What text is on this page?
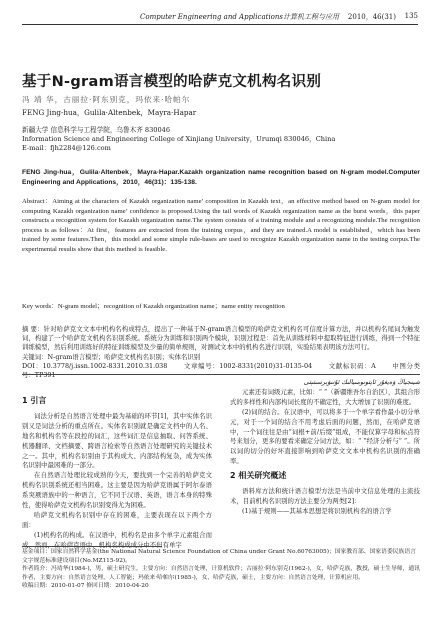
Computer Engineering and Applications计算机工程与应用 2010，46(31) 135
基于N-gram语言模型的哈萨克文机构名识别
冯 靖 华，古丽拉·阿东别克，玛依来·哈帕尔
FENG Jing-hua，Gulila·Altenbek，Mayra·Hapar
新疆大学 信息科学与工程学院，乌鲁木齐 830046
Information Science and Engineering College of Xinjiang University，Urumqi 830046，China
E-mail：fjh2284@126.com
FENG Jing-hua，Gulila·Altenbek，Mayra·Hapar.Kazakh organization name recognition based on N-gram model.Computer Engineering and Applications，2010，46(31)：135-138.
Abstract：Aiming at the characters of Kazakh organization name’ composition in Kazakh text，an effective method based on N-gram model for computing Kazakh organization name’ confidence is proposed.Using the tail words of Kazakh organization name as the burst words，this paper constructs a recognition system for Kazakh organization name.The system consists of a training module and a recognizing module.The recognition process is as follows：At first，features are extracted from the training corpus，and they are trained.A model is established，which has been trained by some features.Then，this model and some simple rule-bases are used to recognize Kazakh organization name in the testing corpus.The experimental results show that this method is feasible.
Key words：N-gram model；recognition of Kazakh organization name；name entity recognition
摘 要：针对哈萨克文文本中机构名构成特点，提出了一种基于N-gram语言模型的哈萨克文机构名可信度计算方法，并以机构名尾词为触发词，构建了一个哈萨克文机构名识别系统。系统分为训练和识别两个模块，识别过程是：首先从训练样料中提取特征进行训练，得到一个特征训练模型，然后利用训练好的特征训练模型及少量的简单规则，对测试文本中的机构名进行识别，实验结果表明该方法可行。
关键词：N-gram语言模型；哈萨克文机构名识别；实体名识别
DOI：10.3778/j.issn.1002-8331.2010.31.038	文章编号：1002-8331(2010)31-0135-04	文献标识码：A	中图分类号：TP391
1 引言

词法分析是自然语言处理中最为基础的环节[1]，其中实体名识别又是词法分析的重点所在。实体名识别就是确定文档中的人名、地名和机构名等在段控的词汇，这些词汇是信息抽取、问答系统、机器翻译、文档摘要、跨语言检索等自然语言处理研究的关键技术之一。其中，机构名识别由于其构成大、内部结构复杂，成为实体名识别中最困难的一部分。

在自然语言处理比较成熟的今天，要找到一个完善的哈萨克文机构名识别系统还相当困难。这主要是因为哈萨克语属于阿尔泰语系突厥语族中的一种语言，它不同于汉语、英语，语言本身的特殊性，使得哈萨克文机构名识别变得尤为困难。

哈萨克文机构名识别中存在的困难，主要表现在以下两个方面：

(1)机构名的构成。在汉语中，机构名是由多个单字元素组合而成，然而，在哈萨克语中，机构名构成成分中不但有单字

شينجياڭ ۋەيغۇر ئاپتونومىيالىك ئۇنىۋېرسىتېتى

元素还有词级元素，比如：“ ”（新疆维吾尔自治区），其组合形式的多样性和内部构词长度的不确定性，大大增加了识别的难度。

(2)词的结合。在汉语中，可以将多于一个单字看作最小切分单元，对于一个词的结合不用考虑后面的问题，然而，在哈萨克语中，一个词往往是由“词根+前/后缀”组成，不能仅算字母和标点符号来划分，更多的要看来确定分词方法，如：“ ”经济分析与“ ”。所以词的切分的好坏直接影响到哈萨克文文本中机构名识别的准确率。

2 相关研究概述

语料库方法和统计语言模型方法是当前中文信息处理的主流技术，目前机构名识别的方法主要分为两类[2]：

(1)基于规则——其基本思想是将识别机构名的语言学

基金项目：国家自然科学基金(the National Natural Science Foundation of China under Grant No.60763005)；国家教育部、国家语委民族语言文字规范标准建设项目(No.MZ115-92)。
作者简介：冯靖华(1984-)，男，硕士研究生，主要方向：自然语言处理，计算机软件；古丽拉·阿东别克(1962-)，女，哈萨克族，教授，硕士生导师，通讯作者，主要方向：自然语言处理，人工智能；玛依来·哈帕尔(1985-)，女，哈萨克族，硕士，主要方向：自然语言处理，计算机应用。
收稿日期：2010-01-07 修回日期：2010-04-20
